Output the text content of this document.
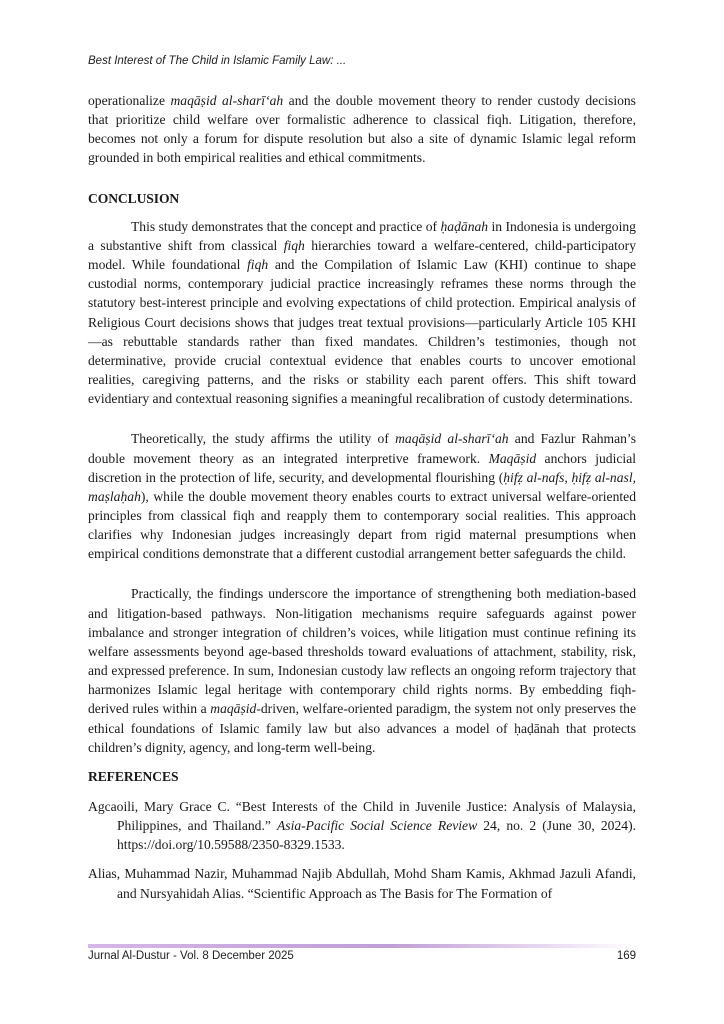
Best Interest of The Child in Islamic Family Law: ...

operationalize maqāṣid al-sharī‘ah and the double movement theory to render custody decisions that prioritize child welfare over formalistic adherence to classical fiqh. Litigation, therefore, becomes not only a forum for dispute resolution but also a site of dynamic Islamic legal reform grounded in both empirical realities and ethical commitments.

CONCLUSION

This study demonstrates that the concept and practice of ḥaḍānah in Indonesia is undergoing a substantive shift from classical fiqh hierarchies toward a welfare-centered, child-participatory model. While foundational fiqh and the Compilation of Islamic Law (KHI) continue to shape custodial norms, contemporary judicial practice increasingly reframes these norms through the statutory best-interest principle and evolving expectations of child protection. Empirical analysis of Religious Court decisions shows that judges treat textual provisions—particularly Article 105 KHI—as rebuttable standards rather than fixed mandates. Children’s testimonies, though not determinative, provide crucial contextual evidence that enables courts to uncover emotional realities, caregiving patterns, and the risks or stability each parent offers. This shift toward evidentiary and contextual reasoning signifies a meaningful recalibration of custody determinations.

Theoretically, the study affirms the utility of maqāṣid al-sharī‘ah and Fazlur Rahman’s double movement theory as an integrated interpretive framework. Maqāṣid anchors judicial discretion in the protection of life, security, and developmental flourishing (ḥifẓ al-nafs, ḥifẓ al-nasl, maṣlaḥah), while the double movement theory enables courts to extract universal welfare-oriented principles from classical fiqh and reapply them to contemporary social realities. This approach clarifies why Indonesian judges increasingly depart from rigid maternal presumptions when empirical conditions demonstrate that a different custodial arrangement better safeguards the child.

Practically, the findings underscore the importance of strengthening both mediation-based and litigation-based pathways. Non-litigation mechanisms require safeguards against power imbalance and stronger integration of children’s voices, while litigation must continue refining its welfare assessments beyond age-based thresholds toward evaluations of attachment, stability, risk, and expressed preference. In sum, Indonesian custody law reflects an ongoing reform trajectory that harmonizes Islamic legal heritage with contemporary child rights norms. By embedding fiqh-derived rules within a maqāṣid-driven, welfare-oriented paradigm, the system not only preserves the ethical foundations of Islamic family law but also advances a model of ḥaḍānah that protects children’s dignity, agency, and long-term well-being.

REFERENCES

Agcaoili, Mary Grace C. “Best Interests of the Child in Juvenile Justice: Analysis of Malaysia, Philippines, and Thailand.” Asia-Pacific Social Science Review 24, no. 2 (June 30, 2024). https://doi.org/10.59588/2350-8329.1533.

Alias, Muhammad Nazir, Muhammad Najib Abdullah, Mohd Sham Kamis, Akhmad Jazuli Afandi, and Nursyahidah Alias. “Scientific Approach as The Basis for The Formation of

Jurnal Al-Dustur - Vol. 8 December 2025	169
